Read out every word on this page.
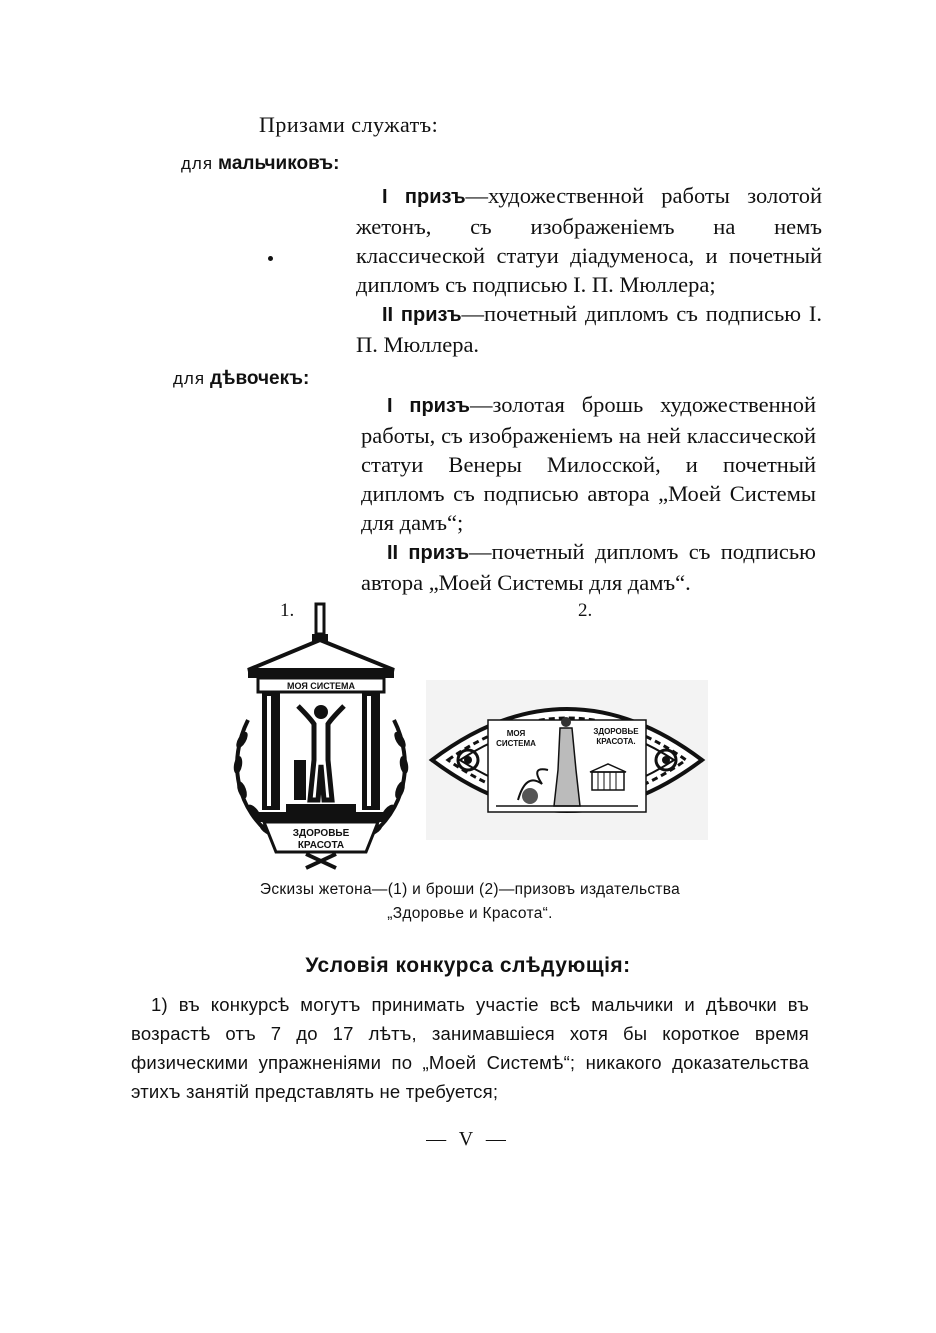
Призами служатъ:
для мальчиковъ:

I призъ—художественной работы золотой жетонъ, съ изображеніемъ на немъ классической статуи діадуменоса, и почетный дипломъ съ подписью І. П. Мюллера;

II призъ—почетный дипломъ съ подписью І. П. Мюллера.

для дѣвочекъ:

I призъ—золотая брошь художественной работы, съ изображеніемъ на ней классической статуи Венеры Милосской, и почетный дипломъ съ подписью автора „Моей Системы для дамъ“;

II призъ—почетный дипломъ съ подписью автора „Моей Системы для дамъ“.

1.	2.
МОЯ СИСТЕМА
ЗДОРОВЬЕ
КРАСОТА
МОЯ
СИСТЕМА
ЗДОРОВЬЕ
КРАСОТА.
Эскизы жетона—(1) и броши (2)—призовъ издательства
„Здоровье и Красота“.
Условія конкурса слѣдующія:

1) въ конкурсѣ могутъ принимать участіе всѣ мальчики и дѣвочки въ возрастѣ отъ 7 до 17 лѣтъ, занимавшіеся хотя бы короткое время физическими упражненіями по „Моей Системѣ“; никакого доказательства этихъ занятій представлять не требуется;

— V —
